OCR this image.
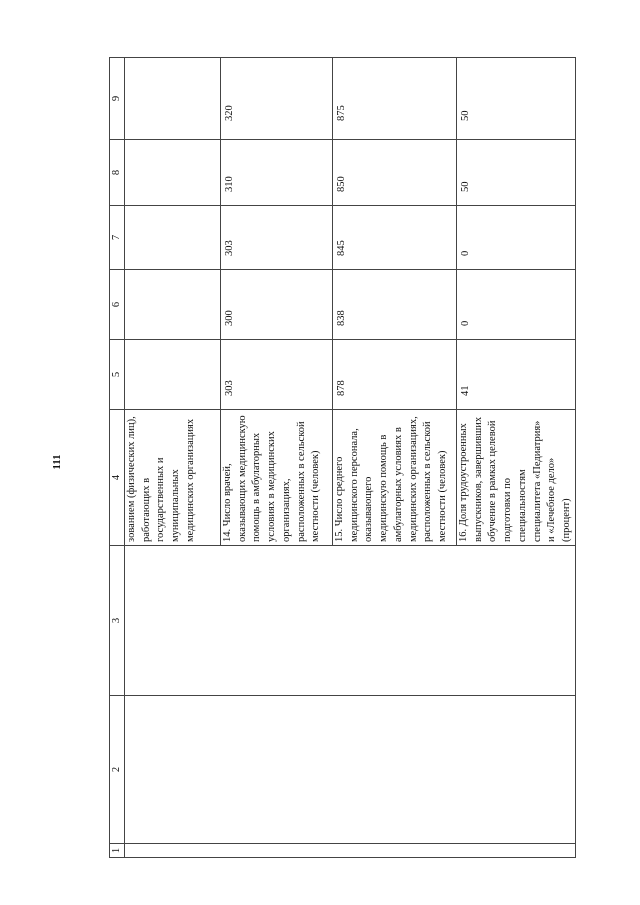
111
1	2	3	4	5	6	7	8	9
			зованием (физических лиц), работающих в государственных и муниципальных медицинских организациях					
			14. Число врачей, оказывающих медицинскую помощь в амбулаторных условиях в медицинских организациях, расположенных в сельской местности (человек)	303	300	303	310	320
			15. Число среднего медицинского персонала, оказывающего медицинскую помощь в амбулаторных условиях в медицинских организациях, расположенных в сельской местности (человек)	878	838	845	850	875
			16. Доля трудоустроенных выпускников, завершивших обучение в рамках целевой подготовки по специальностям специалитета «Педиатрия» и «Лечебное дело» (процент)	41	0	0	50	50
